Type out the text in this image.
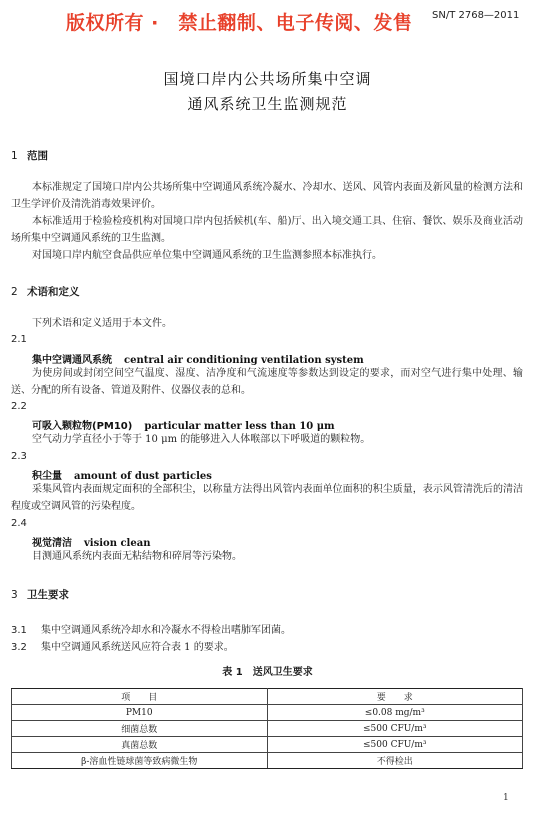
版权所有 ·　禁止翻制、电子传阅、发售 SN/T 2768—2011
国境口岸内公共场所集中空调
通风系统卫生监测规范
1 范围
本标准规定了国境口岸内公共场所集中空调通风系统冷凝水、冷却水、送风、风管内表面及新风量的检测方法和卫生学评价及清洗消毒效果评价。
本标准适用于检验检疫机构对国境口岸内包括候机(车、船)厅、出入境交通工具、住宿、餐饮、娱乐及商业活动场所集中空调通风系统的卫生监测。
对国境口岸内航空食品供应单位集中空调通风系统的卫生监测参照本标准执行。
2 术语和定义
下列术语和定义适用于本文件。
2.1
集中空调通风系统 central air conditioning ventilation system
为使房间或封闭空间空气温度、湿度、洁净度和气流速度等参数达到设定的要求，而对空气进行集中处理、输送、分配的所有设备、管道及附件、仪器仪表的总和。
2.2
可吸入颗粒物(PM10) particular matter less than 10 μm
空气动力学直径小于等于 10 μm 的能够进入人体喉部以下呼吸道的颗粒物。
2.3
积尘量 amount of dust particles
采集风管内表面规定面积的全部积尘，以称量方法得出风管内表面单位面积的积尘质量，表示风管清洗后的清洁程度或空调风管的污染程度。
2.4
视觉清洁 vision clean
目测通风系统内表面无粘结物和碎屑等污染物。
3 卫生要求
3.1 集中空调通风系统冷却水和冷凝水不得检出嗜肺军团菌。
3.2 集中空调通风系统送风应符合表 1 的要求。
表 1　送风卫生要求
项　　目	要　　求
PM10	≤0.08 mg/m³
细菌总数	≤500 CFU/m³
真菌总数	≤500 CFU/m³
β-溶血性链球菌等致病微生物	不得检出
1
